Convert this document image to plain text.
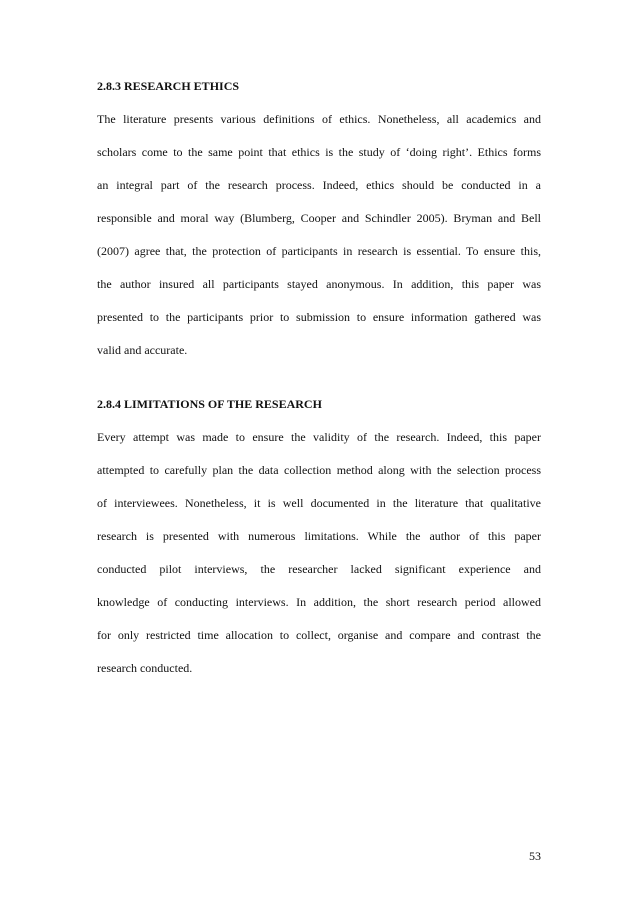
2.8.3 RESEARCH ETHICS
The literature presents various definitions of ethics. Nonetheless, all academics and
scholars come to the same point that ethics is the study of ‘doing right’. Ethics forms
an integral part of the research process. Indeed, ethics should be conducted in a
responsible and moral way (Blumberg, Cooper and Schindler 2005). Bryman and Bell
(2007) agree that, the protection of participants in research is essential. To ensure this,
the author insured all participants stayed anonymous. In addition, this paper was
presented to the participants prior to submission to ensure information gathered was
valid and accurate.
2.8.4 LIMITATIONS OF THE RESEARCH
Every attempt was made to ensure the validity of the research. Indeed, this paper
attempted to carefully plan the data collection method along with the selection process
of interviewees. Nonetheless, it is well documented in the literature that qualitative
research is presented with numerous limitations. While the author of this paper
conducted pilot interviews, the researcher lacked significant experience and
knowledge of conducting interviews. In addition, the short research period allowed
for only restricted time allocation to collect, organise and compare and contrast the
research conducted.
53
